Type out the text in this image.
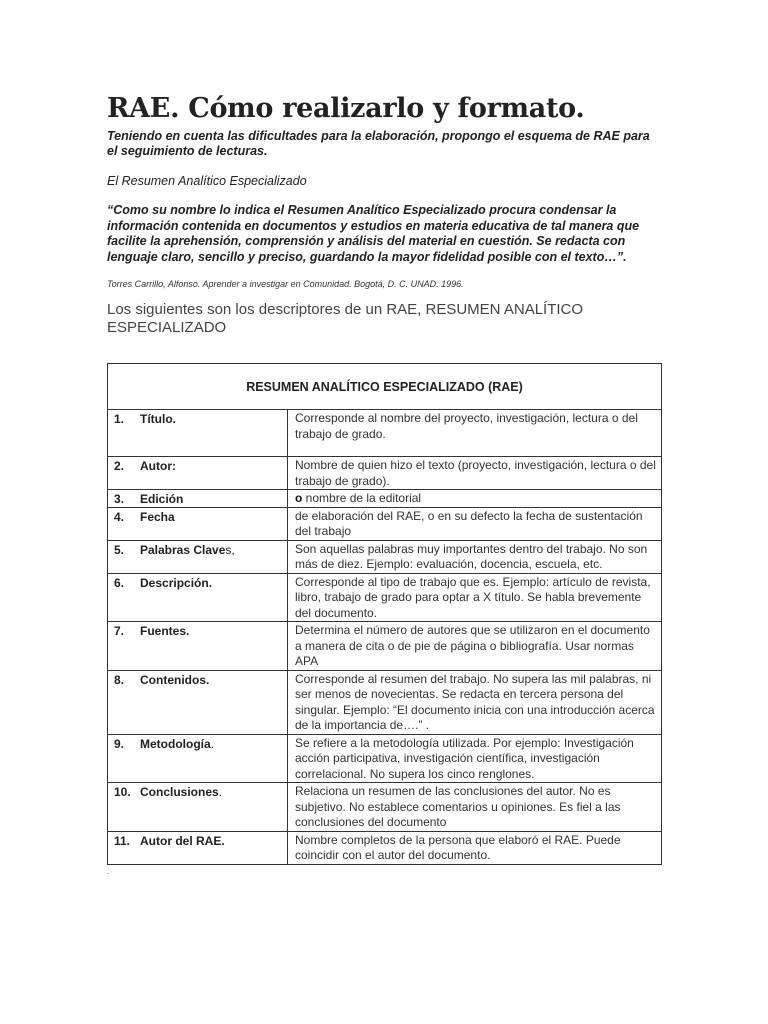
RAE. Cómo realizarlo y formato.

Teniendo en cuenta las dificultades para la elaboración, propongo el esquema de RAE para el seguimiento de lecturas.

El Resumen Analítico Especializado

“Como su nombre lo indica el Resumen Analítico Especializado procura condensar la información contenida en documentos y estudios en materia educativa de tal manera que facilite la aprehensión, comprensión y análisis del material en cuestión. Se redacta con lenguaje claro, sencillo y preciso, guardando la mayor fidelidad posible con el texto…”.

Torres Carrillo, Alfonso. Aprender a investigar en Comunidad. Bogotá, D. C. UNAD. 1996.

Los siguientes son los descriptores de un RAE, RESUMEN ANALÍTICO ESPECIALIZADO

RESUMEN ANALÍTICO ESPECIALIZADO (RAE)	
1. Título.	Corresponde al nombre del proyecto, investigación, lectura o del trabajo de grado.
2. Autor:	Nombre de quien hizo el texto (proyecto, investigación, lectura o del trabajo de grado).
3. Edición	o nombre de la editorial
4. Fecha	de elaboración del RAE, o en su defecto la fecha de sustentación del trabajo
5. Palabras Claves,	Son aquellas palabras muy importantes dentro del trabajo. No son más de diez. Ejemplo: evaluación, docencia, escuela, etc.
6. Descripción.	Corresponde al tipo de trabajo que es. Ejemplo: artículo de revista, libro, trabajo de grado para optar a X título. Se habla brevemente del documento.
7. Fuentes.	Determina el número de autores que se utilizaron en el documento a manera de cita o de pie de página o bibliografía. Usar normas APA
8. Contenidos.	Corresponde al resumen del trabajo. No supera las mil palabras, ni ser menos de novecientas. Se redacta en tercera persona del singular. Ejemplo: “El documento inicia con una introducción acerca de la importancia de….” .
9. Metodología.	Se refiere a la metodología utilizada. Por ejemplo: Investigación acción participativa, investigación científica, investigación correlacional. No supera los cinco renglones.
10. Conclusiones.	Relaciona un resumen de las conclusiones del autor. No es subjetivo. No establece comentarios u opiniones. Es fiel a las conclusiones del documento
11. Autor del RAE.	Nombre completos de la persona que elaboró el RAE. Puede coincidir con el autor del documento.
.
